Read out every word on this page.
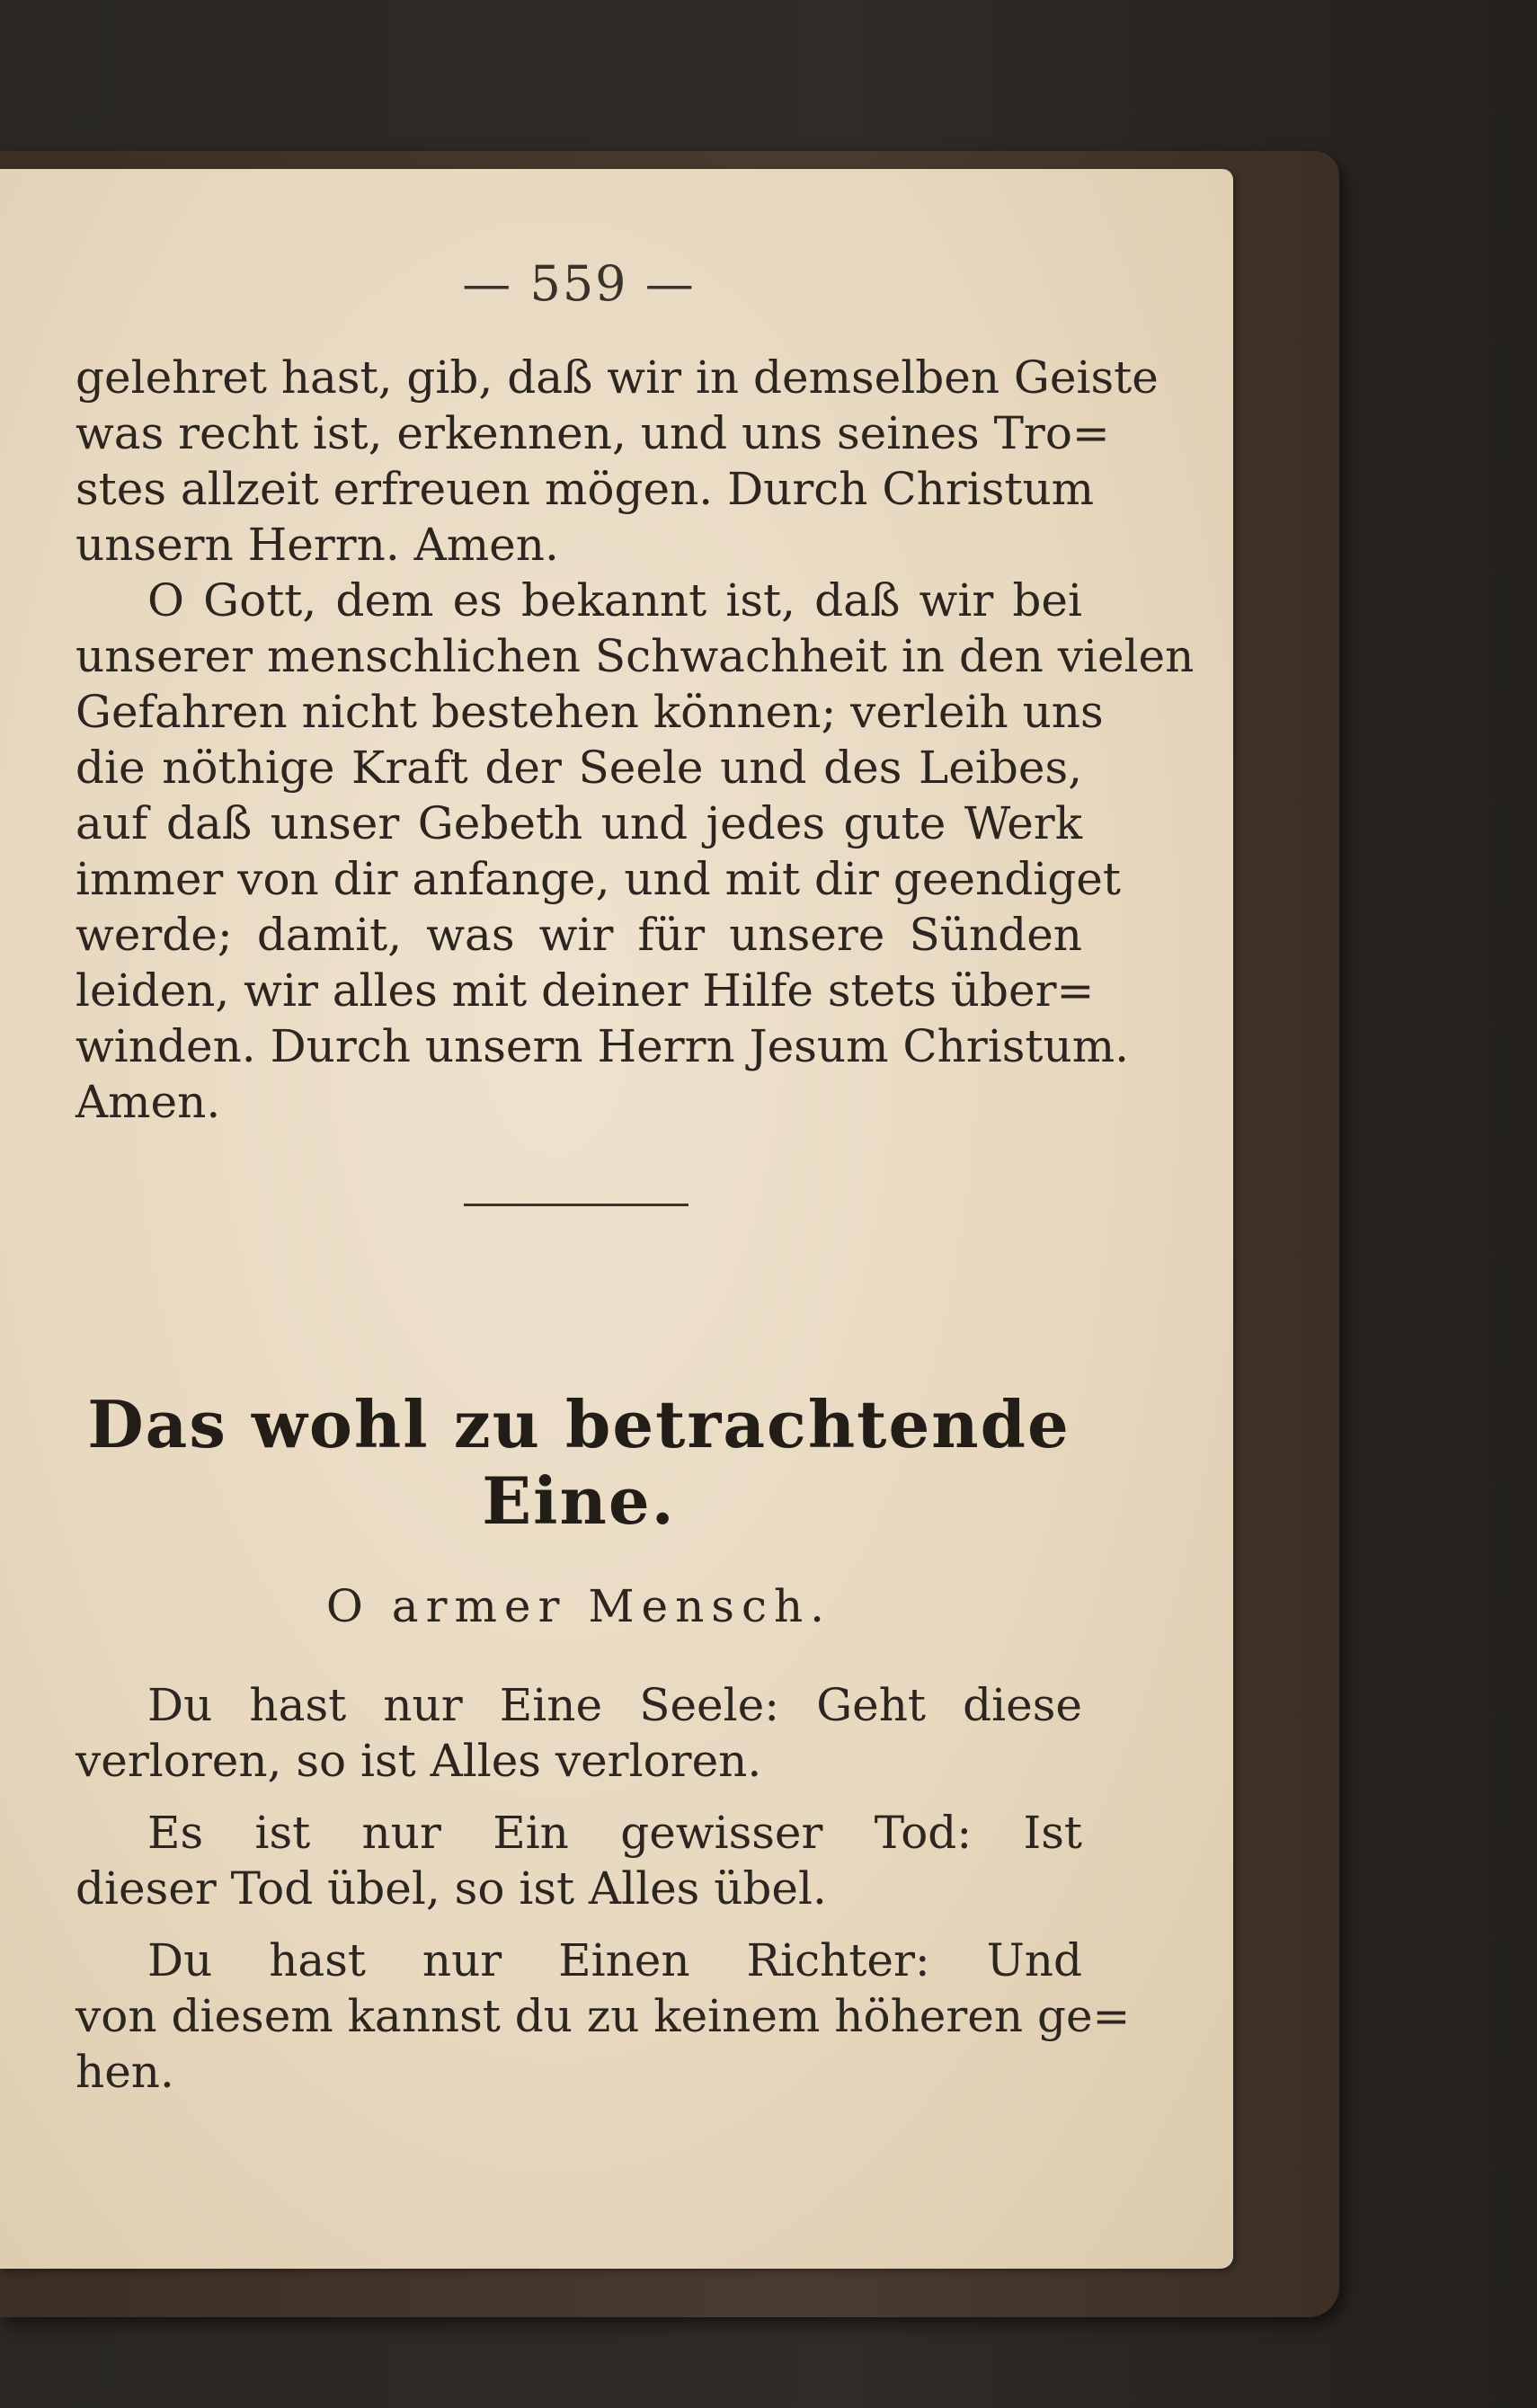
— 559 —
gelehret hast, gib, daß wir in demselben Geiste
was recht ist, erkennen, und uns seines Tro=
stes allzeit erfreuen mögen. Durch Christum
unsern Herrn. Amen.
O Gott, dem es bekannt ist, daß wir bei
unserer menschlichen Schwachheit in den vielen
Gefahren nicht bestehen können; verleih uns
die nöthige Kraft der Seele und des Leibes,
auf daß unser Gebeth und jedes gute Werk
immer von dir anfange, und mit dir geendiget
werde; damit, was wir für unsere Sünden
leiden, wir alles mit deiner Hilfe stets über=
winden. Durch unsern Herrn Jesum Christum.
Amen.
Das wohl zu betrachtende Eine.
O armer Mensch.
Du hast nur Eine Seele: Geht diese
verloren, so ist Alles verloren.
Es ist nur Ein gewisser Tod: Ist
dieser Tod übel, so ist Alles übel.
Du hast nur Einen Richter: Und
von diesem kannst du zu keinem höheren ge=
hen.
